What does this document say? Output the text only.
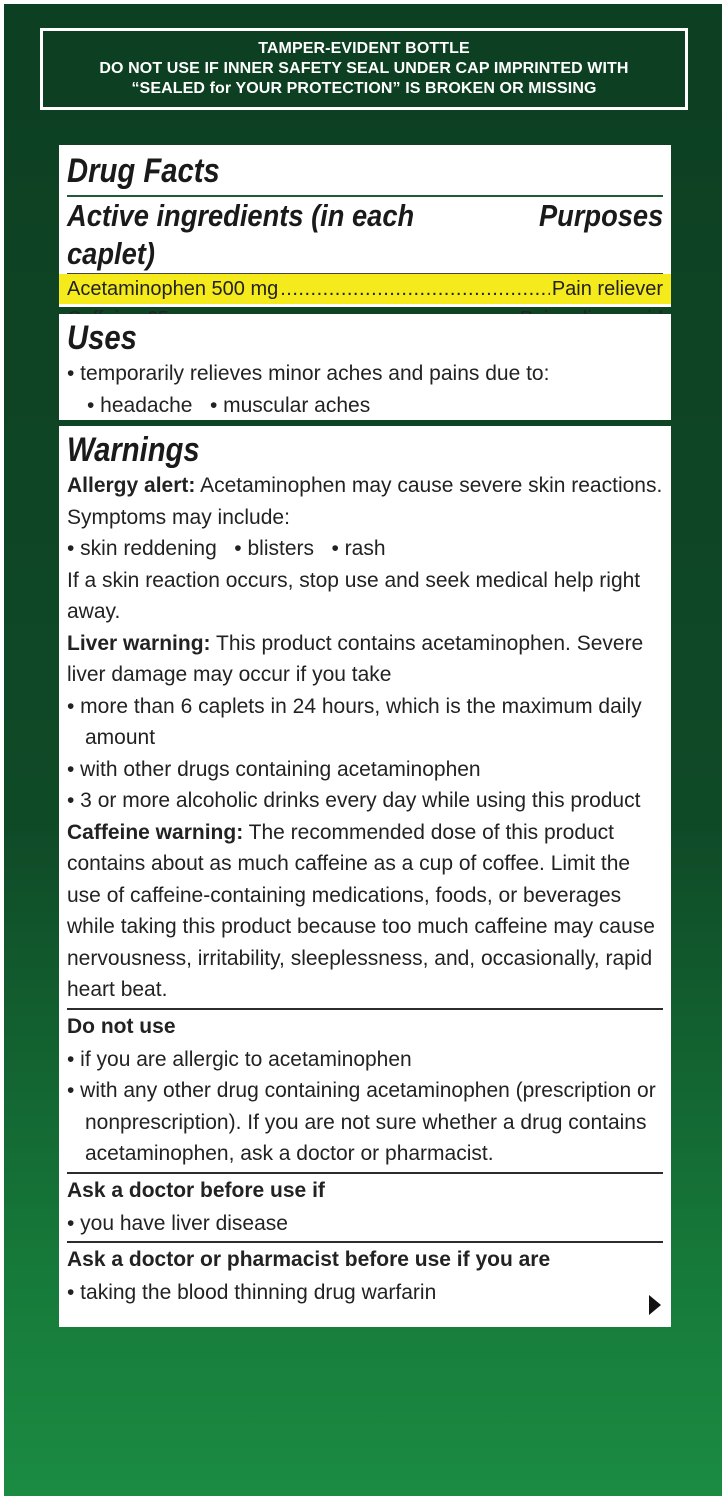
TAMPER-EVIDENT BOTTLE
DO NOT USE IF INNER SAFETY SEAL UNDER CAP IMPRINTED WITH
“SEALED for YOUR PROTECTION” IS BROKEN OR MISSING
Drug Facts
Active ingredients (in each caplet)
Purposes
Acetaminophen 500 mg
.....	Pain reliever
.....
Uses
• temporarily relieves minor aches and pains due to:
• headache   • muscular aches
Warnings
Allergy alert: Acetaminophen may cause severe skin reactions. Symptoms may include:
• skin reddening   • blisters   • rash
If a skin reaction occurs, stop use and seek medical help right away.
Liver warning: This product contains acetaminophen. Severe liver damage may occur if you take
• more than 6 caplets in 24 hours, which is the maximum daily amount
• with other drugs containing acetaminophen
• 3 or more alcoholic drinks every day while using this product
Caffeine warning: The recommended dose of this product contains about as much caffeine as a cup of coffee. Limit the use of caffeine-containing medications, foods, or beverages while taking this product because too much caffeine may cause nervousness, irritability, sleeplessness, and, occasionally, rapid heart beat.
Do not use
• if you are allergic to acetaminophen
• with any other drug containing acetaminophen (prescription or nonprescription). If you are not sure whether a drug contains acetaminophen, ask a doctor or pharmacist.
Ask a doctor before use if
• you have liver disease
Ask a doctor or pharmacist before use if you are
• taking the blood thinning drug warfarin
